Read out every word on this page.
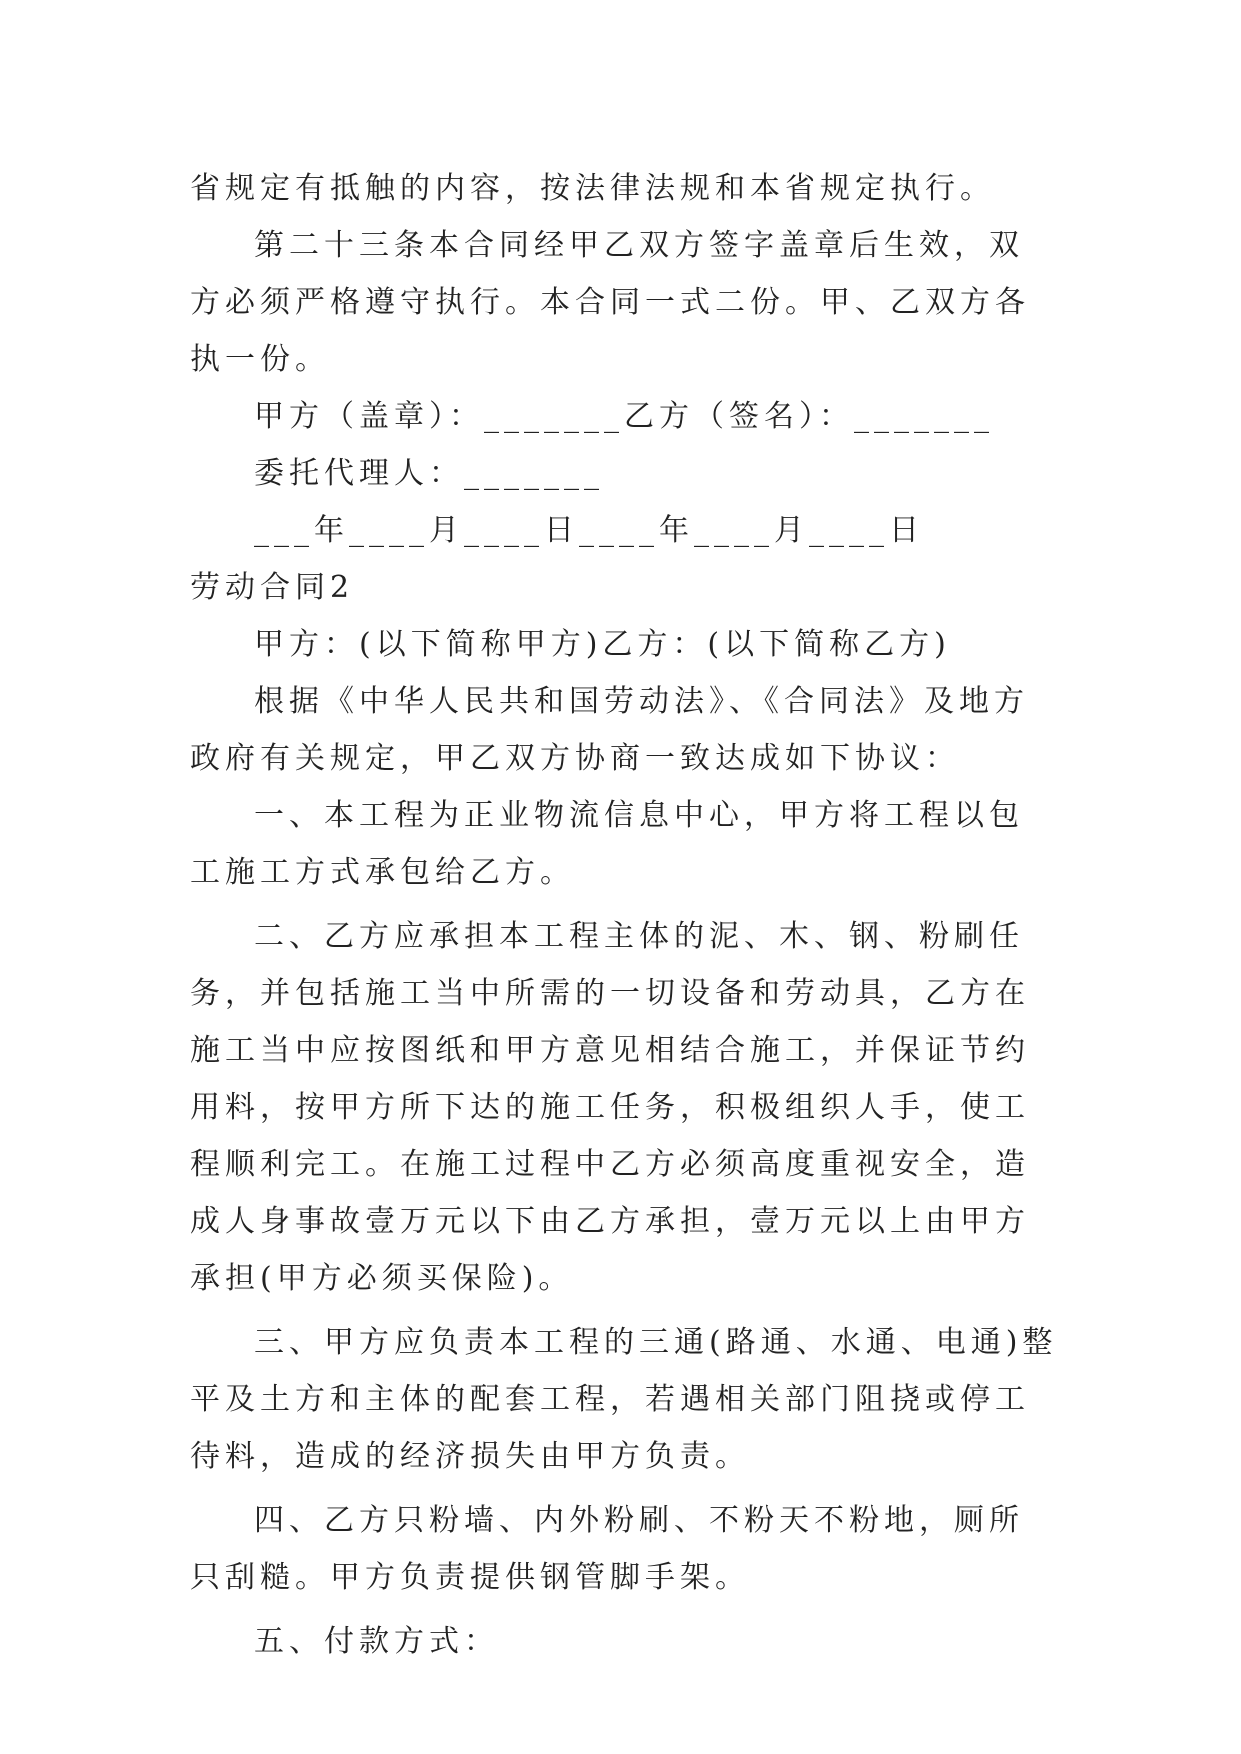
省规定有抵触的内容，按法律法规和本省规定执行。

第二十三条本合同经甲乙双方签字盖章后生效，双方必须严格遵守执行。本合同一式二份。甲、乙双方各执一份。

甲方（盖章）：_______乙方（签名）：_______

委托代理人：_______

___年____月____日____年____月____日

劳动合同2

甲方：(以下简称甲方)乙方：(以下简称乙方)

根据《中华人民共和国劳动法》、《合同法》及地方政府有关规定，甲乙双方协商一致达成如下协议：

一、本工程为正业物流信息中心，甲方将工程以包工施工方式承包给乙方。

二、乙方应承担本工程主体的泥、木、钢、粉刷任务，并包括施工当中所需的一切设备和劳动具，乙方在施工当中应按图纸和甲方意见相结合施工，并保证节约用料，按甲方所下达的施工任务，积极组织人手，使工程顺利完工。在施工过程中乙方必须高度重视安全，造成人身事故壹万元以下由乙方承担，壹万元以上由甲方承担(甲方必须买保险)。

三、甲方应负责本工程的三通(路通、水通、电通)整平及土方和主体的配套工程，若遇相关部门阻挠或停工待料，造成的经济损失由甲方负责。

四、乙方只粉墙、内外粉刷、不粉天不粉地，厕所只刮糙。甲方负责提供钢管脚手架。

五、付款方式：
